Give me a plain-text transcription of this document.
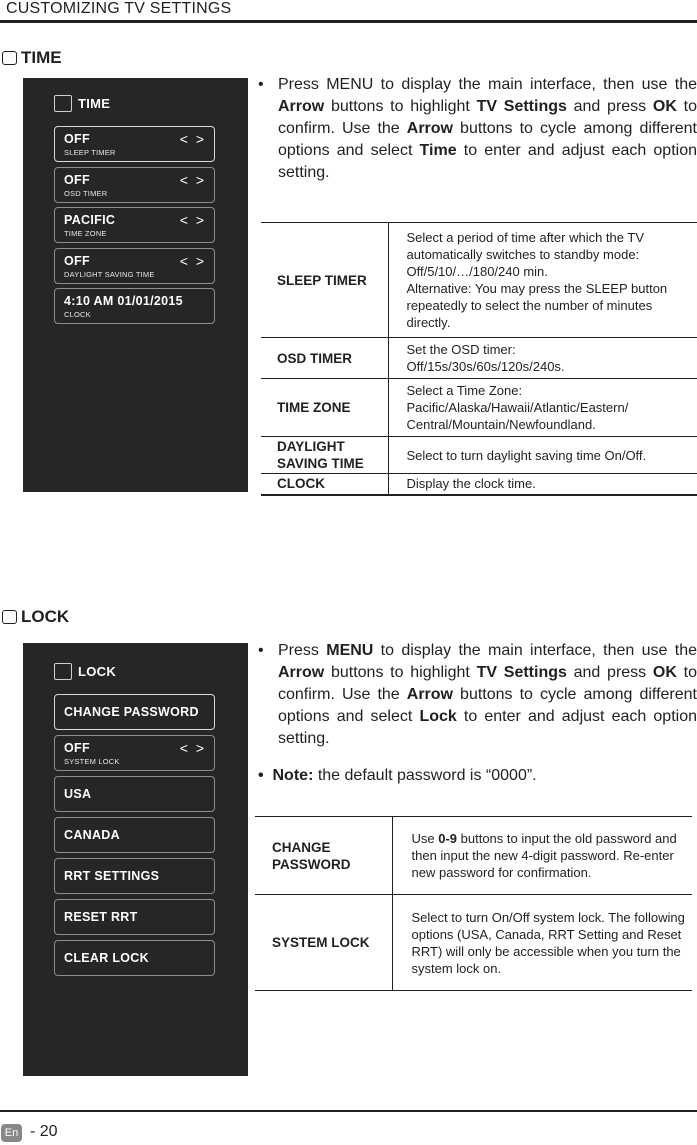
CUSTOMIZING TV SETTINGS
TIME
TIME
OFF
SLEEP TIMER
< >
OFF
OSD TIMER
< >
PACIFIC
TIME ZONE
< >
OFF
DAYLIGHT SAVING TIME
< >
4:10 AM 01/01/2015
CLOCK
• Press MENU to display the main interface, then use the Arrow buttons to highlight TV Settings and press OK to confirm. Use the Arrow buttons to cycle among different options and select Time to enter and adjust each option setting.
SLEEP TIMER	Select a period of time after which the TV automatically switches to standby mode: Off/5/10/…/180/240 min.
Alternative: You may press the SLEEP button repeatedly to select the number of minutes directly.
OSD TIMER	Set the OSD timer:
Off/15s/30s/60s/120s/240s.
TIME ZONE	Select a Time Zone:
Pacific/Alaska/Hawaii/Atlantic/Eastern/ Central/Mountain/Newfoundland.
DAYLIGHT SAVING TIME	Select to turn daylight saving time On/Off.
CLOCK	Display the clock time.
LOCK
LOCK
CHANGE PASSWORD
OFF
SYSTEM LOCK
< >
USA
CANADA
RRT SETTINGS
RESET RRT
CLEAR LOCK
• Press MENU to display the main interface, then use the Arrow buttons to highlight TV Settings and press OK to confirm. Use the Arrow buttons to cycle among different options and select Lock to enter and adjust each option setting.
• Note: the default password is “0000”.
CHANGE PASSWORD	Use 0-9 buttons to input the old password and then input the new 4-digit password. Re-enter new password for confirmation.
SYSTEM LOCK	Select to turn On/Off system lock. The following options (USA, Canada, RRT Setting and Reset RRT) will only be accessible when you turn the system lock on.
En - 20
